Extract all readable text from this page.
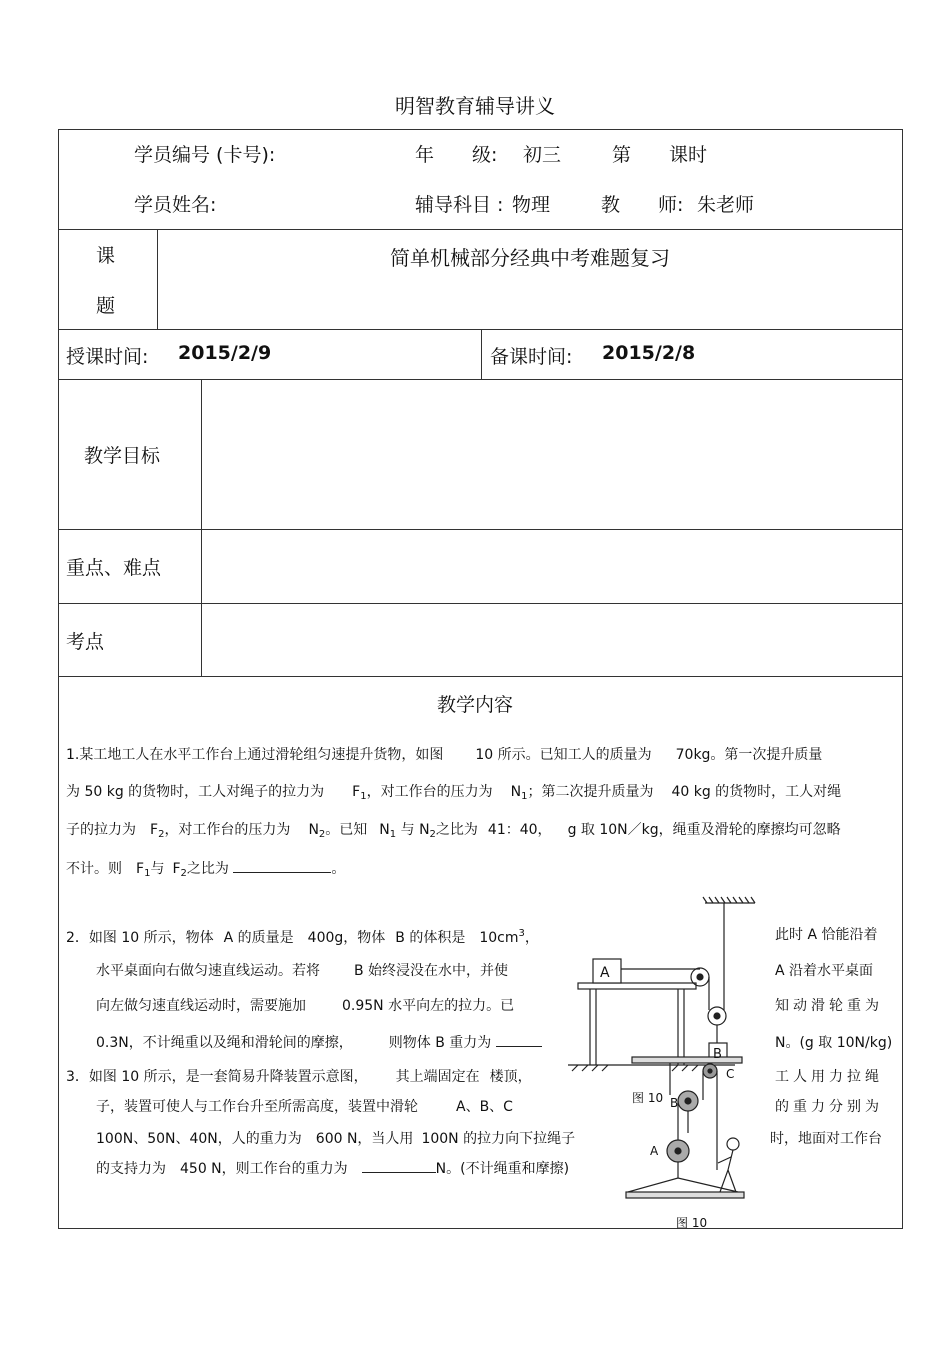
明智教育辅导讲义
学员编号 (卡号):	年　　级: 初三	第　　课时
学员姓名:	辅导科目 : 物理	教　　师: 朱老师
课
题
简单机械部分经典中考难题复习
授课时间: 2015/2/9	备课时间: 2015/2/8
教学目标
重点、难点
考点
教学内容
1.某工地工人在水平工作台上通过滑轮组匀速提升货物，如图 10 所示。已知工人的质量为 70kg。第一次提升质量
为 50 kg 的货物时，工人对绳子的拉力为 $F_1$，对工作台的压力为 $N_1$；第二次提升质量为 40 kg 的货物时，工人对绳
子的拉力为 $F_2$，对工作台的压力为 $N_2$。已知 $N_1$ 与 $N_2$之比为 41：40， g 取 10N／kg，绳重及滑轮的摩擦均可忽略
不计。则 $F_1$与 $F_2$之比为	。
2．如图 10 所示，物体 A 的质量是 400g，物体 B 的体积是 $10cm^3$，	此时 A 恰能沿着
水平桌面向右做匀速直线运动。若将 B 始终浸没在水中，并使	A 沿着水平桌面
向左做匀速直线运动时，需要施加	0.95N 水平向左的拉力。已	知动滑轮重为
0.3N，不计绳重以及绳和滑轮间的摩擦，	则物体 B 重力为	N。(g 取 10N/kg)
3．如图 10 所示，是一套简易升降装置示意图， 其上端固定在 楼顶，	工人用力拉绳
子，装置可使人与工作台升至所需高度，装置中滑轮	A、B、C	的重力分别为
100N、50N、40N，人的重力为 600 N，当人用 100N 的拉力向下拉绳子	时，地面对工作台
的支持力为 450 N，则工作台的重力为	N。(不计绳重和摩擦)
A
B
C
B
A
图 10
图 10
